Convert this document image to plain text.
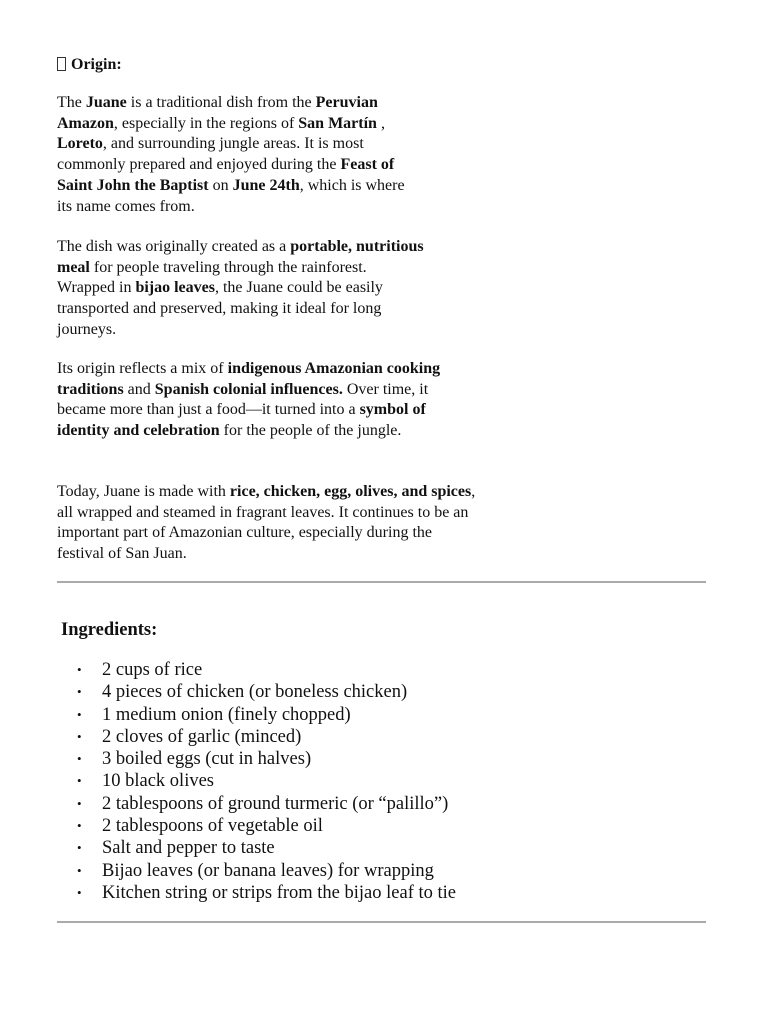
Origin:

The Juane is a traditional dish from the Peruvian Amazon, especially in the regions of San Martín , Loreto, and surrounding jungle areas. It is most commonly prepared and enjoyed during the Feast of Saint John the Baptist on June 24th, which is where its name comes from.

The dish was originally created as a portable, nutritious meal for people traveling through the rainforest. Wrapped in bijao leaves, the Juane could be easily transported and preserved, making it ideal for long journeys.

Its origin reflects a mix of indigenous Amazonian cooking traditions and Spanish colonial influences. Over time, it became more than just a food—it turned into a symbol of identity and celebration for the people of the jungle.

Today, Juane is made with rice, chicken, egg, olives, and spices, all wrapped and steamed in fragrant leaves. It continues to be an important part of Amazonian culture, especially during the festival of San Juan.

Ingredients:
• 2 cups of rice
• 4 pieces of chicken (or boneless chicken)
• 1 medium onion (finely chopped)
• 2 cloves of garlic (minced)
• 3 boiled eggs (cut in halves)
• 10 black olives
• 2 tablespoons of ground turmeric (or “palillo”)
• 2 tablespoons of vegetable oil
• Salt and pepper to taste
• Bijao leaves (or banana leaves) for wrapping
• Kitchen string or strips from the bijao leaf to tie
